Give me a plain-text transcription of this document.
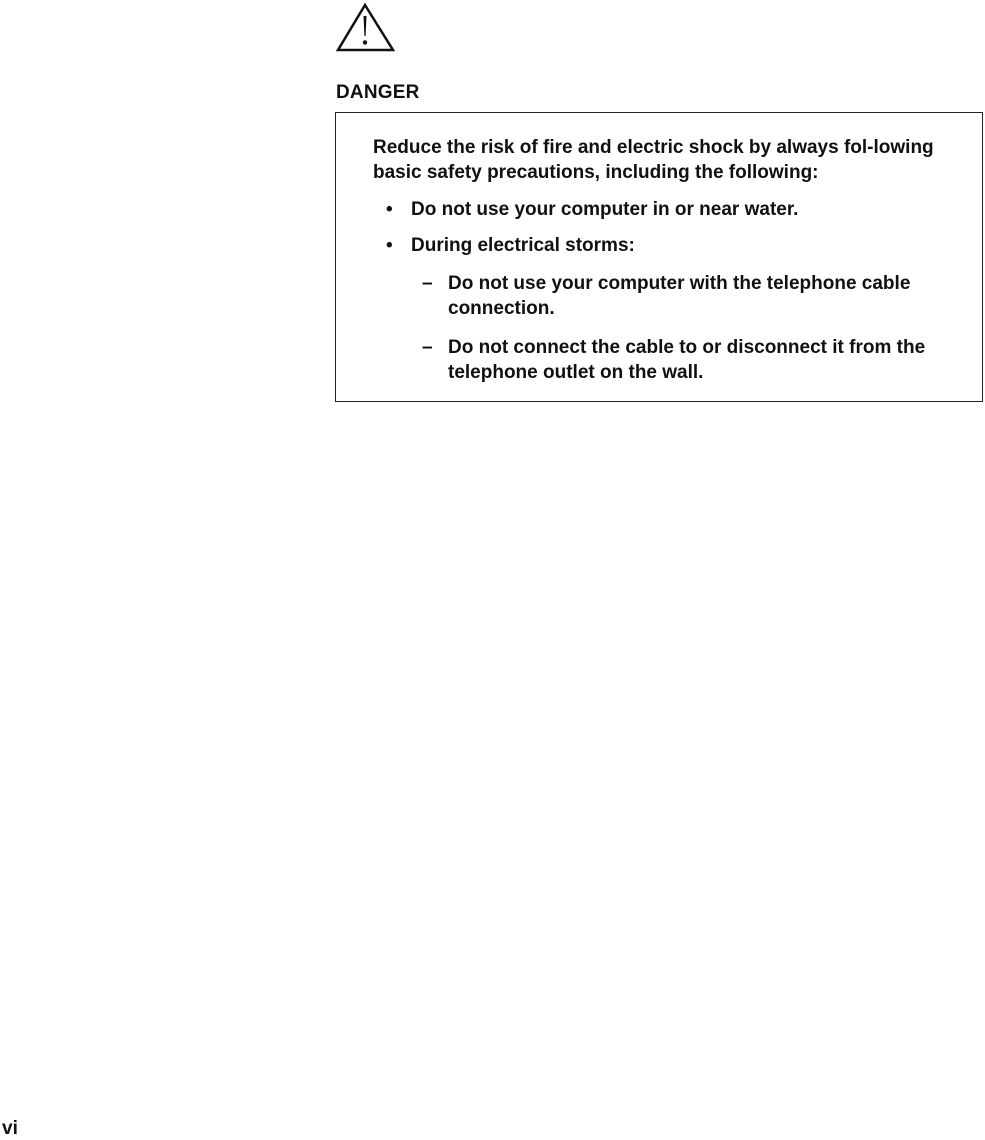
DANGER
Reduce the risk of fire and electric shock by always fol-lowing basic safety precautions, including the following:
• Do not use your computer in or near water.
• During electrical storms:
– Do not use your computer with the telephone cable connection.
– Do not connect the cable to or disconnect it from the telephone outlet on the wall.
vi
